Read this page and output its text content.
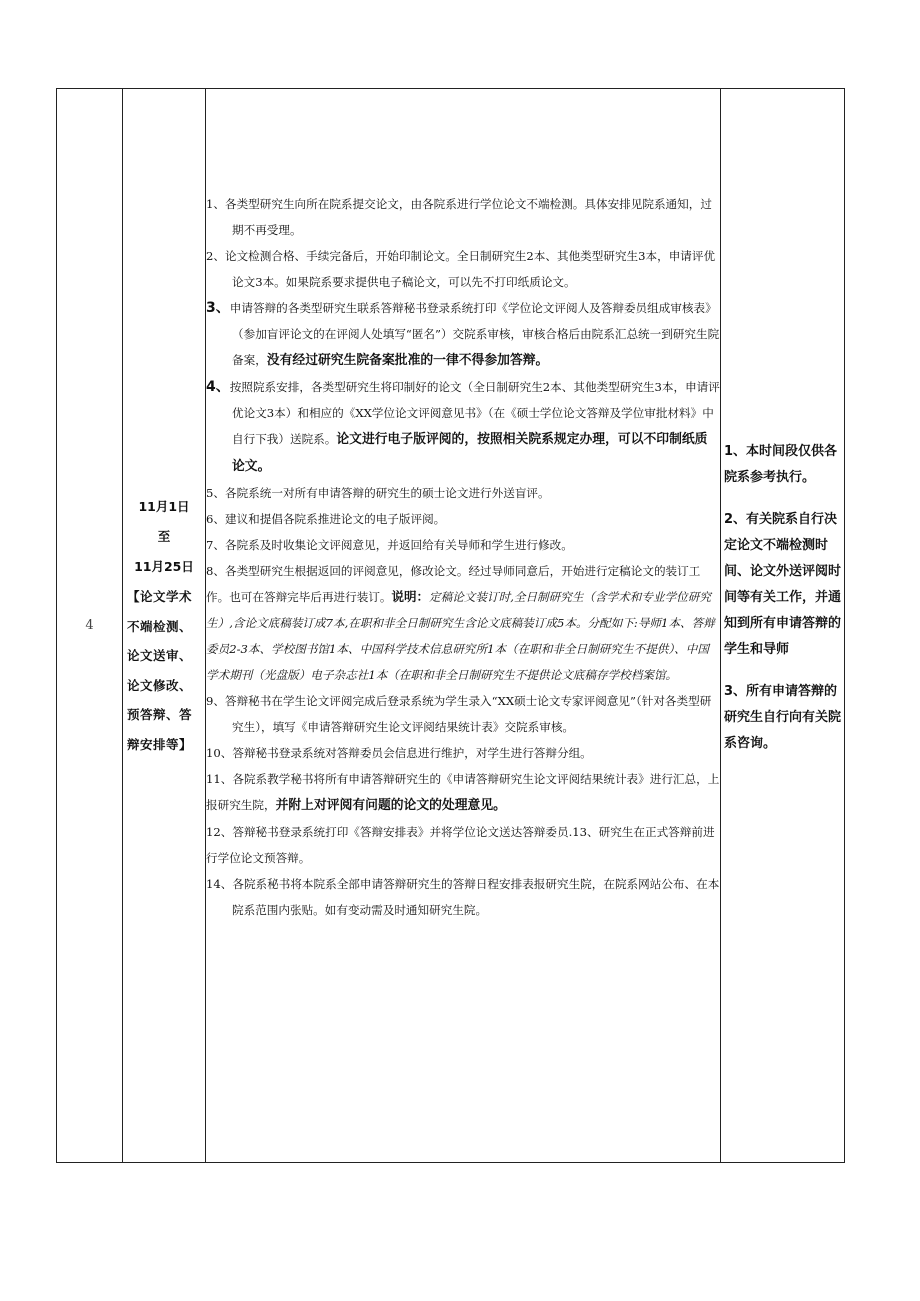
4
11月1日
至
11月25日
【论文学术不端检测、论文送审、论文修改、预答辩、答辩安排等】

1、各类型研究生向所在院系提交论文，由各院系进行学位论文不端检测。具体安排见院系通知，过期不再受理。

2、论文检测合格、手续完备后，开始印制论文。全日制研究生2本、其他类型研究生3本，申请评优论文3本。如果院系要求提供电子稿论文，可以先不打印纸质论文。

3、申请答辩的各类型研究生联系答辩秘书登录系统打印《学位论文评阅人及答辩委员组成审核表》（参加盲评论文的在评阅人处填写“匿名”）交院系审核，审核合格后由院系汇总统一到研究生院备案，没有经过研究生院备案批准的一律不得参加答辩。

4、按照院系安排，各类型研究生将印制好的论文（全日制研究生2本、其他类型研究生3本，申请评优论文3本）和相应的《XX学位论文评阅意见书》（在《硕士学位论文答辩及学位审批材料》中自行下我）送院系。论文进行电子版评阅的，按照相关院系规定办理，可以不印制纸质论文。

5、各院系统一对所有申请答辩的研究生的硕士论文进行外送盲评。

6、建议和提倡各院系推进论文的电子版评阅。

7、各院系及时收集论文评阅意见，并返回给有关导师和学生进行修改。

8、各类型研究生根据返回的评阅意见，修改论文。经过导师同意后，开始进行定稿论文的装订工作。也可在答辩完毕后再进行装订。说明：定稿论文装订时,全日制研究生（含学术和专业学位研究生）,含论文底稿装订成7本,在职和非全日制研究生含论文底稿装订成5本。分配如下:导师1本、答辩委员2-3本、学校图书馆1本、中国科学技术信息研究所1本（在职和非全日制研究生不提供）、中国学术期刊（光盘版）电子杂志社1本（在职和非全日制研究生不提供论文底稿存学校档案馆。

9、答辩秘书在学生论文评阅完成后登录系统为学生录入“XX硕士论文专家评阅意见”（针对各类型研究生），填写《申请答辩研究生论文评阅结果统计表》交院系审核。

10、答辩秘书登录系统对答辩委员会信息进行维护，对学生进行答辩分组。

11、各院系教学秘书将所有申请答辩研究生的《申请答辩研究生论文评阅结果统计表》进行汇总，上报研究生院，并附上对评阅有问题的论文的处理意见。

12、答辩秘书登录系统打印《答辩安排表》并将学位论文送达答辩委员.13、研究生在正式答辩前进行学位论文预答辩。

14、各院系秘书将本院系全部申请答辩研究生的答辩日程安排表报研究生院，在院系网站公布、在本院系范围内张贴。如有变动需及时通知研究生院。

1、本时间段仅供各院系参考执行。

2、有关院系自行决定论文不端检测时间、论文外送评阅时间等有关工作，并通知到所有申请答辩的学生和导师

3、所有申请答辩的研究生自行向有关院系咨询。
